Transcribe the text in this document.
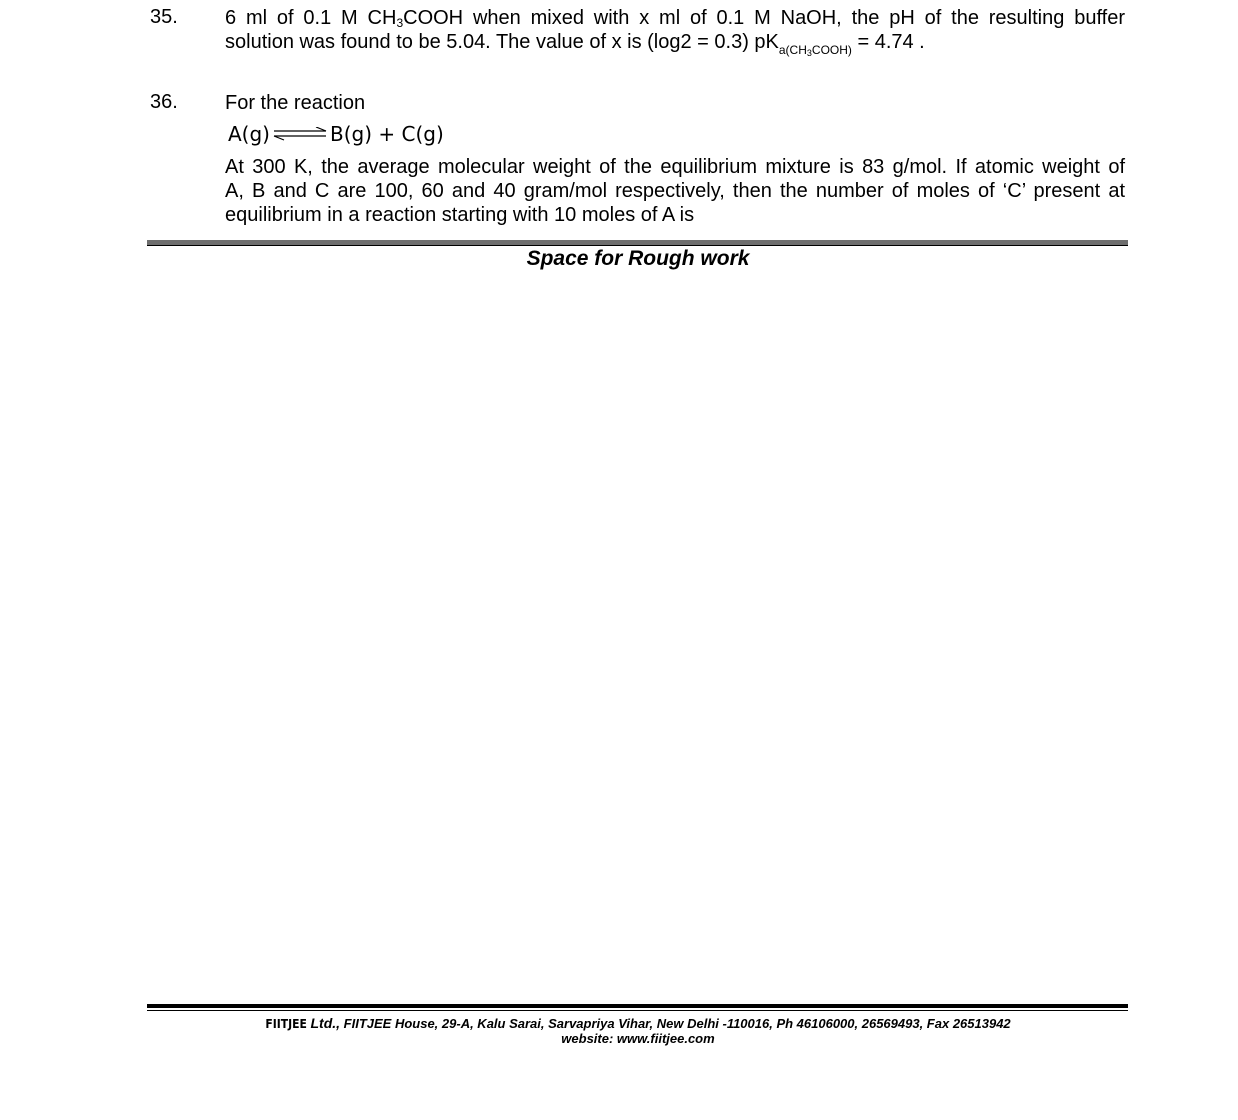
35. 6 ml of 0.1 M $CH_3COOH$ when mixed with x ml of 0.1 M NaOH, the pH of the resulting buffer
solution was found to be 5.04. The value of x is (log2 = 0.3) $pK_{a(CH3COOH)} = 4.74$ .
36. For the reaction
A(g) ⇌ B(g) + C(g)
At 300 K, the average molecular weight of the equilibrium mixture is 83 g/mol. If atomic weight of
A, B and C are 100, 60 and 40 gram/mol respectively, then the number of moles of ‘C’ present at
equilibrium in a reaction starting with 10 moles of A is
Space for Rough work
FIITJEE Ltd., FIITJEE House, 29-A, Kalu Sarai, Sarvapriya Vihar, New Delhi -110016, Ph 46106000, 26569493, Fax 26513942
website: www.fiitjee.com
